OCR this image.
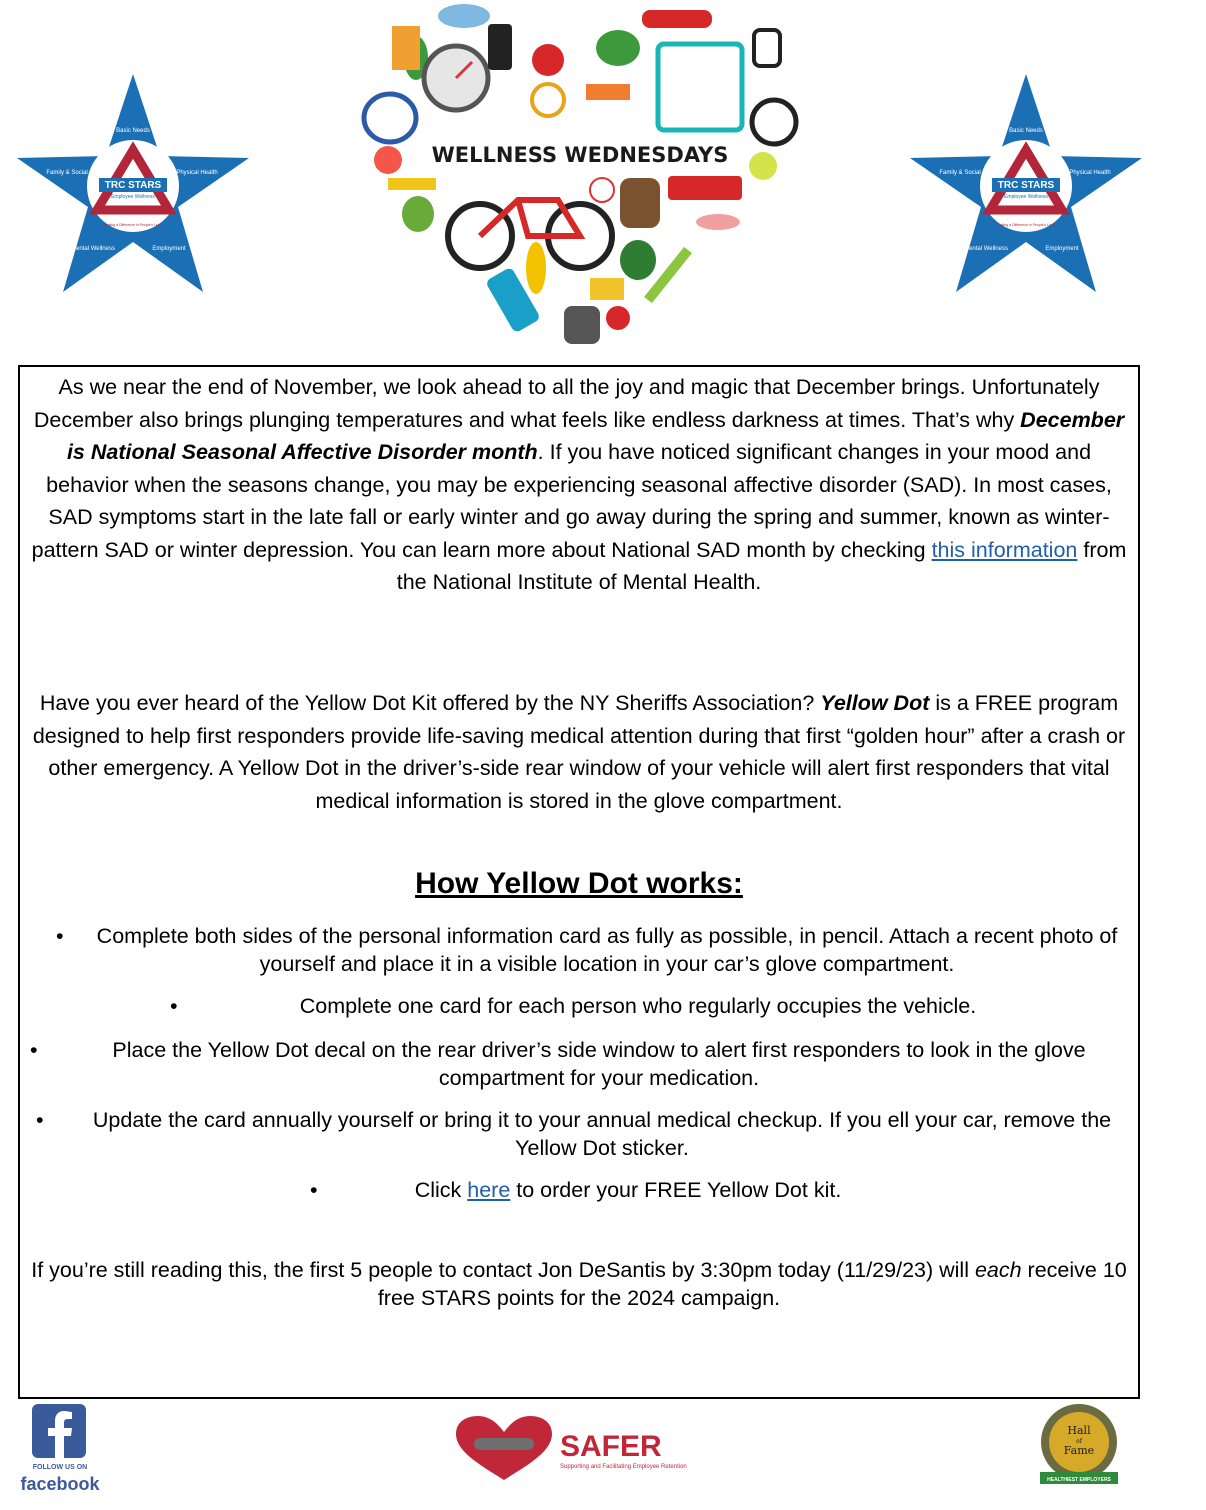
TRC STARS
Employee Wellness
Making a Difference in People's Lives
Basic Needs
Physical Health
Employment
Mental Wellness
Family & Social
WELLNESS WEDNESDAYS
TRC STARS
Employee Wellness
Making a Difference in People's Lives
Basic Needs
Physical Health
Employment
Mental Wellness
Family & Social

As we near the end of November, we look ahead to all the joy and magic that December brings. Unfortunately December also brings plunging temperatures and what feels like endless darkness at times. That’s why December is National Seasonal Affective Disorder month. If you have noticed significant changes in your mood and behavior when the seasons change, you may be experiencing seasonal affective disorder (SAD). In most cases, SAD symptoms start in the late fall or early winter and go away during the spring and summer, known as winter-pattern SAD or winter depression. You can learn more about National SAD month by checking this information from the National Institute of Mental Health.

Have you ever heard of the Yellow Dot Kit offered by the NY Sheriffs Association? Yellow Dot is a FREE program designed to help first responders provide life-saving medical attention during that first “golden hour” after a crash or other emergency. A Yellow Dot in the driver’s-side rear window of your vehicle will alert first responders that vital medical information is stored in the glove compartment.

How Yellow Dot works:
•	Complete both sides of the personal information card as fully as possible, in pencil. Attach a recent photo of yourself and place it in a visible location in your car’s glove compartment.
•	Complete one card for each person who regularly occupies the vehicle.
•	Place the Yellow Dot decal on the rear driver’s side window to alert first responders to look in the glove compartment for your medication.
•	Update the card annually yourself or bring it to your annual medical checkup. If you ell your car, remove the Yellow Dot sticker.
•	Click here to order your FREE Yellow Dot kit.

If you’re still reading this, the first 5 people to contact Jon DeSantis by 3:30pm today (11/29/23) will each receive 10 free STARS points for the 2024 campaign.

FOLLOW US ON
facebook
SAFER
Supporting and Facilitating Employee Retention
Hall
of
Fame
HEALTHIEST EMPLOYERS
